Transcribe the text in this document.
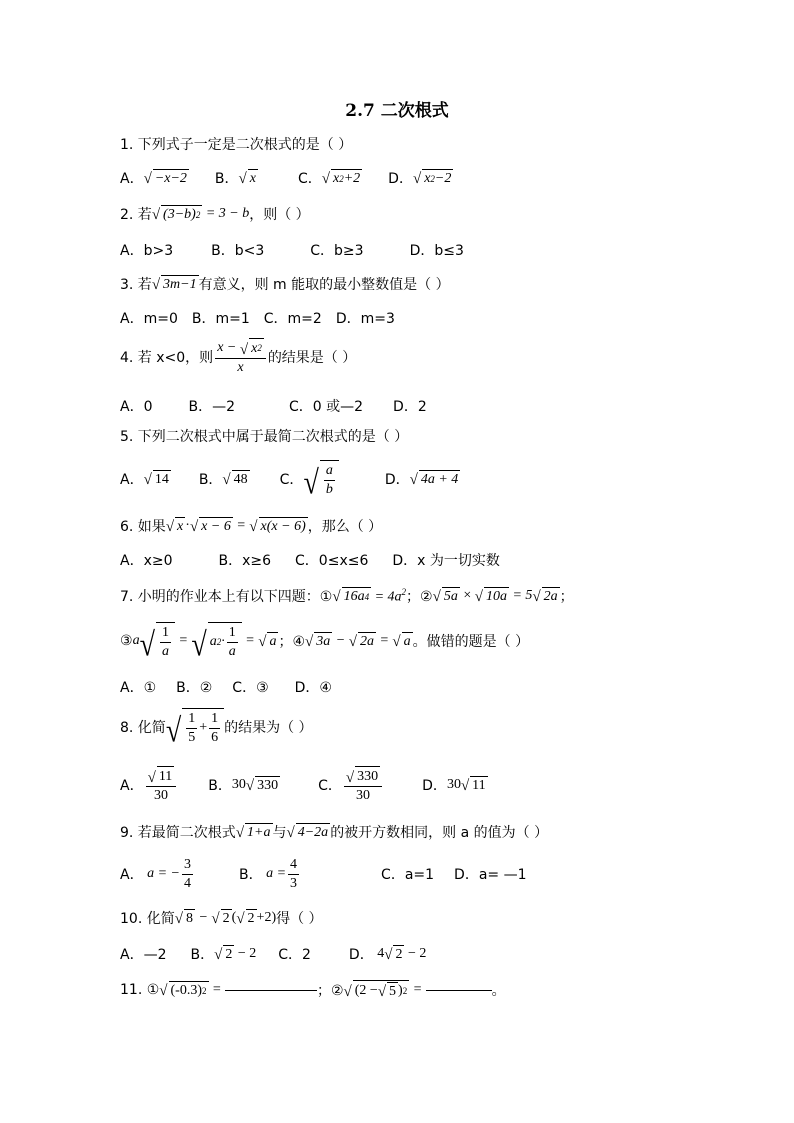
2.7 二次根式
1. 下列式子一定是二次根式的是（ ）
A． √ −x−2 B． √ x	C． √ x 2 +2 D． √ x 2 −2
2. 若 √ (3−b) 2 = 3 − b ，则（ ）
A．b>3	B．b<3	C．b≥3	D．b≤3
3. 若 √ 3m−1 有意义，则 m 能取的最小整数值是（ ）
A．m=0 B．m=1 C．m=2 D．m=3
4. 若 x<0，则 $\frac{x - √ x 2}{x}$ 的结果是（ ）
A．0	B．—2	C．0 或—2 D．2
5. 下列二次根式中属于最简二次根式的是（ ）
A． √ 14 B． √ 48 C． √ $\frac{a}{b}$	D． √ 4a + 4
6. 如果 √ x · √ x − 6 = √ x(x − 6) ，那么（ ）
A．x≥0	B．x≥6 C．0≤x≤6 D．x 为一切实数
7. 小明的作业本上有以下四题：① √ 16a $4 = 4a^2$ ；② √ 5a × √ 10a = 5 √ 2a ；
③ a √ $\frac{1}{a}$ = √ a $2 \cdot \frac{1}{a}$ = √ a ；④ √ 3a − √ 2a = √ a 。做错的题是（ ）
A．① B．② C．③ D．④
8. 化简 √ $\frac{1}{5} + \frac{1}{6}$ 的结果为（ ）
A． $\frac{√ 11}{30}$ B． 30 √ 330	C． $\frac{√ 330}{30}$	D． 30 √ 11
9. 若最简二次根式 √ 1+a 与 √ 4−2a 的被开方数相同，则 a 的值为（ ）
A． a = − $\frac{3}{4}$	B． $a = \frac{4}{3}$	C．a=1 D．a= —1
10. 化简 √ 8 − √ 2 ( √ 2 +2) 得（ ）
A．—2 B． √ 2 − 2 C．2	D． 4 √ 2 − 2
11. ① √ (-0.3) 2 =	；② √ (2 − √ 5 ) 2 =	。
